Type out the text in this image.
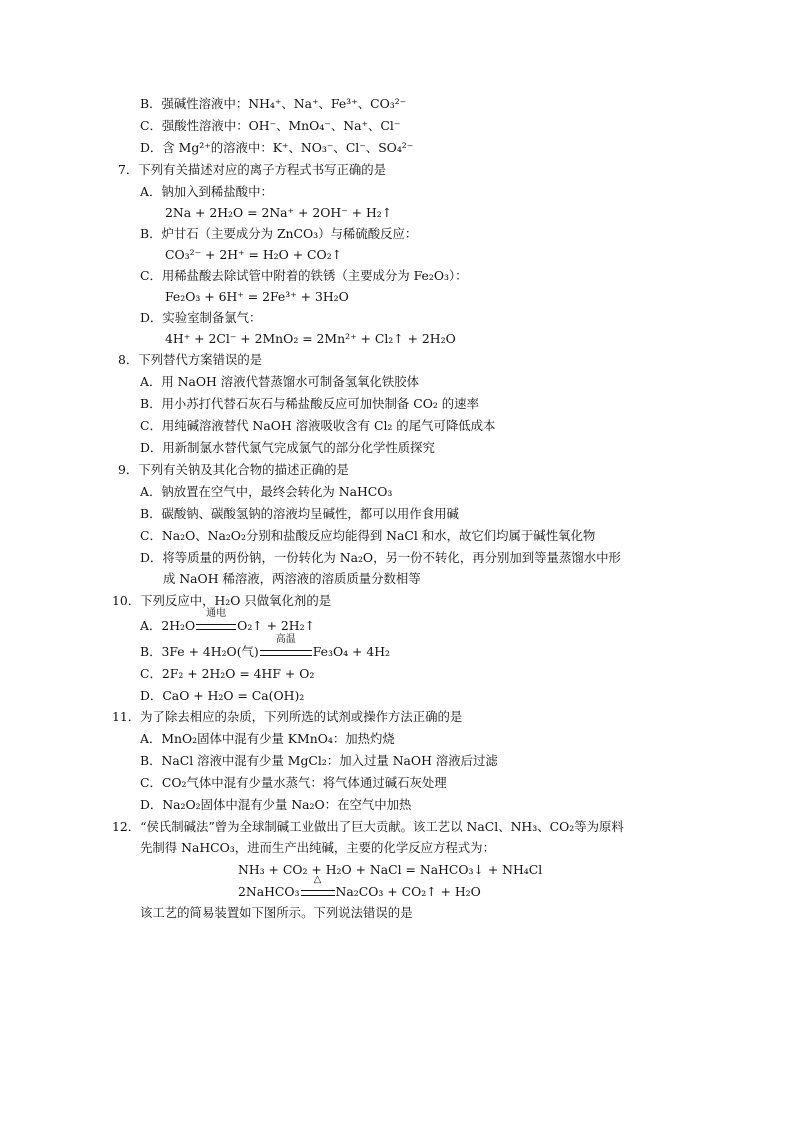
B．强碱性溶液中：NH₄⁺、Na⁺、Fe³⁺、CO₃²⁻
C．强酸性溶液中：OH⁻、MnO₄⁻、Na⁺、Cl⁻
D．含 Mg²⁺的溶液中：K⁺、NO₃⁻、Cl⁻、SO₄²⁻
7．下列有关描述对应的离子方程式书写正确的是
A．钠加入到稀盐酸中：
2Na + 2H₂O = 2Na⁺ + 2OH⁻ + H₂↑
B．炉甘石（主要成分为 ZnCO₃）与稀硫酸反应：
CO₃²⁻ + 2H⁺ = H₂O + CO₂↑
C．用稀盐酸去除试管中附着的铁锈（主要成分为 Fe₂O₃）：
Fe₂O₃ + 6H⁺ = 2Fe³⁺ + 3H₂O
D．实验室制备氯气：
4H⁺ + 2Cl⁻ + 2MnO₂ = 2Mn²⁺ + Cl₂↑ + 2H₂O
8．下列替代方案错误的是
A．用 NaOH 溶液代替蒸馏水可制备氢氧化铁胶体
B．用小苏打代替石灰石与稀盐酸反应可加快制备 CO₂ 的速率
C．用纯碱溶液替代 NaOH 溶液吸收含有 Cl₂ 的尾气可降低成本
D．用新制氯水替代氯气完成氯气的部分化学性质探究
9．下列有关钠及其化合物的描述正确的是
A．钠放置在空气中，最终会转化为 NaHCO₃
B．碳酸钠、碳酸氢钠的溶液均呈碱性，都可以用作食用碱
C．Na₂O、Na₂O₂分别和盐酸反应均能得到 NaCl 和水，故它们均属于碱性氧化物
D．将等质量的两份钠，一份转化为 Na₂O，另一份不转化，再分别加到等量蒸馏水中形
成 NaOH 稀溶液，两溶液的溶质质量分数相等
10．下列反应中，H₂O 只做氧化剂的是
A．2H₂O
通电
O₂↑ + 2H₂↑
B．3Fe + 4H₂O(气)
高温
Fe₃O₄ + 4H₂
C．2F₂ + 2H₂O = 4HF + O₂
D．CaO + H₂O = Ca(OH)₂
11．为了除去相应的杂质，下列所选的试剂或操作方法正确的是
A．MnO₂固体中混有少量 KMnO₄：加热灼烧
B．NaCl 溶液中混有少量 MgCl₂：加入过量 NaOH 溶液后过滤
C．CO₂气体中混有少量水蒸气：将气体通过碱石灰处理
D．Na₂O₂固体中混有少量 Na₂O：在空气中加热
12．“侯氏制碱法”曾为全球制碱工业做出了巨大贡献。该工艺以 NaCl、NH₃、CO₂等为原料
先制得 NaHCO₃，进而生产出纯碱，主要的化学反应方程式为：
NH₃ + CO₂ + H₂O + NaCl = NaHCO₃↓ + NH₄Cl
2NaHCO₃
△
Na₂CO₃ + CO₂↑ + H₂O
该工艺的简易装置如下图所示。下列说法错误的是
